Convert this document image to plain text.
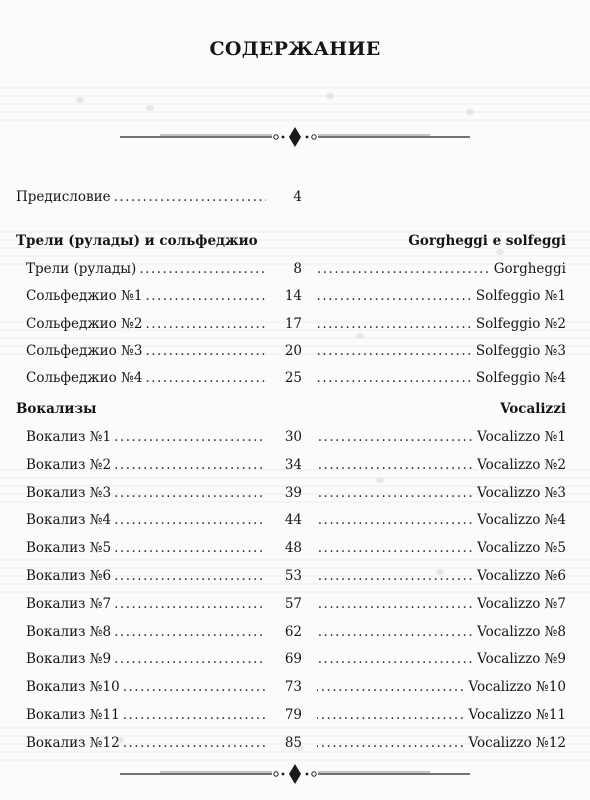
СОДЕРЖАНИЕ
Предисловие .....	4
Трели (рулады) и сольфеджио	Gorgheggi e solfeggi
Трели (рулады) .....	8 .....	Gorgheggi
Сольфеджио №1 .....	14 .....	Solfeggio №1
Сольфеджио №2 .....	17 .....	Solfeggio №2
Сольфеджио №3 .....	20 .....	Solfeggio №3
Сольфеджио №4 .....	25 .....	Solfeggio №4
Вокализы	Vocalizzi
Вокализ №1 .....	30 .....	Vocalizzo №1
Вокализ №2 .....	34 .....	Vocalizzo №2
Вокализ №3 .....	39 .....	Vocalizzo №3
Вокализ №4 .....	44 .....	Vocalizzo №4
Вокализ №5 .....	48 .....	Vocalizzo №5
Вокализ №6 .....	53 .....	Vocalizzo №6
Вокализ №7 .....	57 .....	Vocalizzo №7
Вокализ №8 .....	62 .....	Vocalizzo №8
Вокализ №9 .....	69 .....	Vocalizzo №9
Вокализ №10 .....	73 .....	Vocalizzo №10
Вокализ №11 .....	79 .....	Vocalizzo №11
Вокализ №12 .....	85 .....	Vocalizzo №12
